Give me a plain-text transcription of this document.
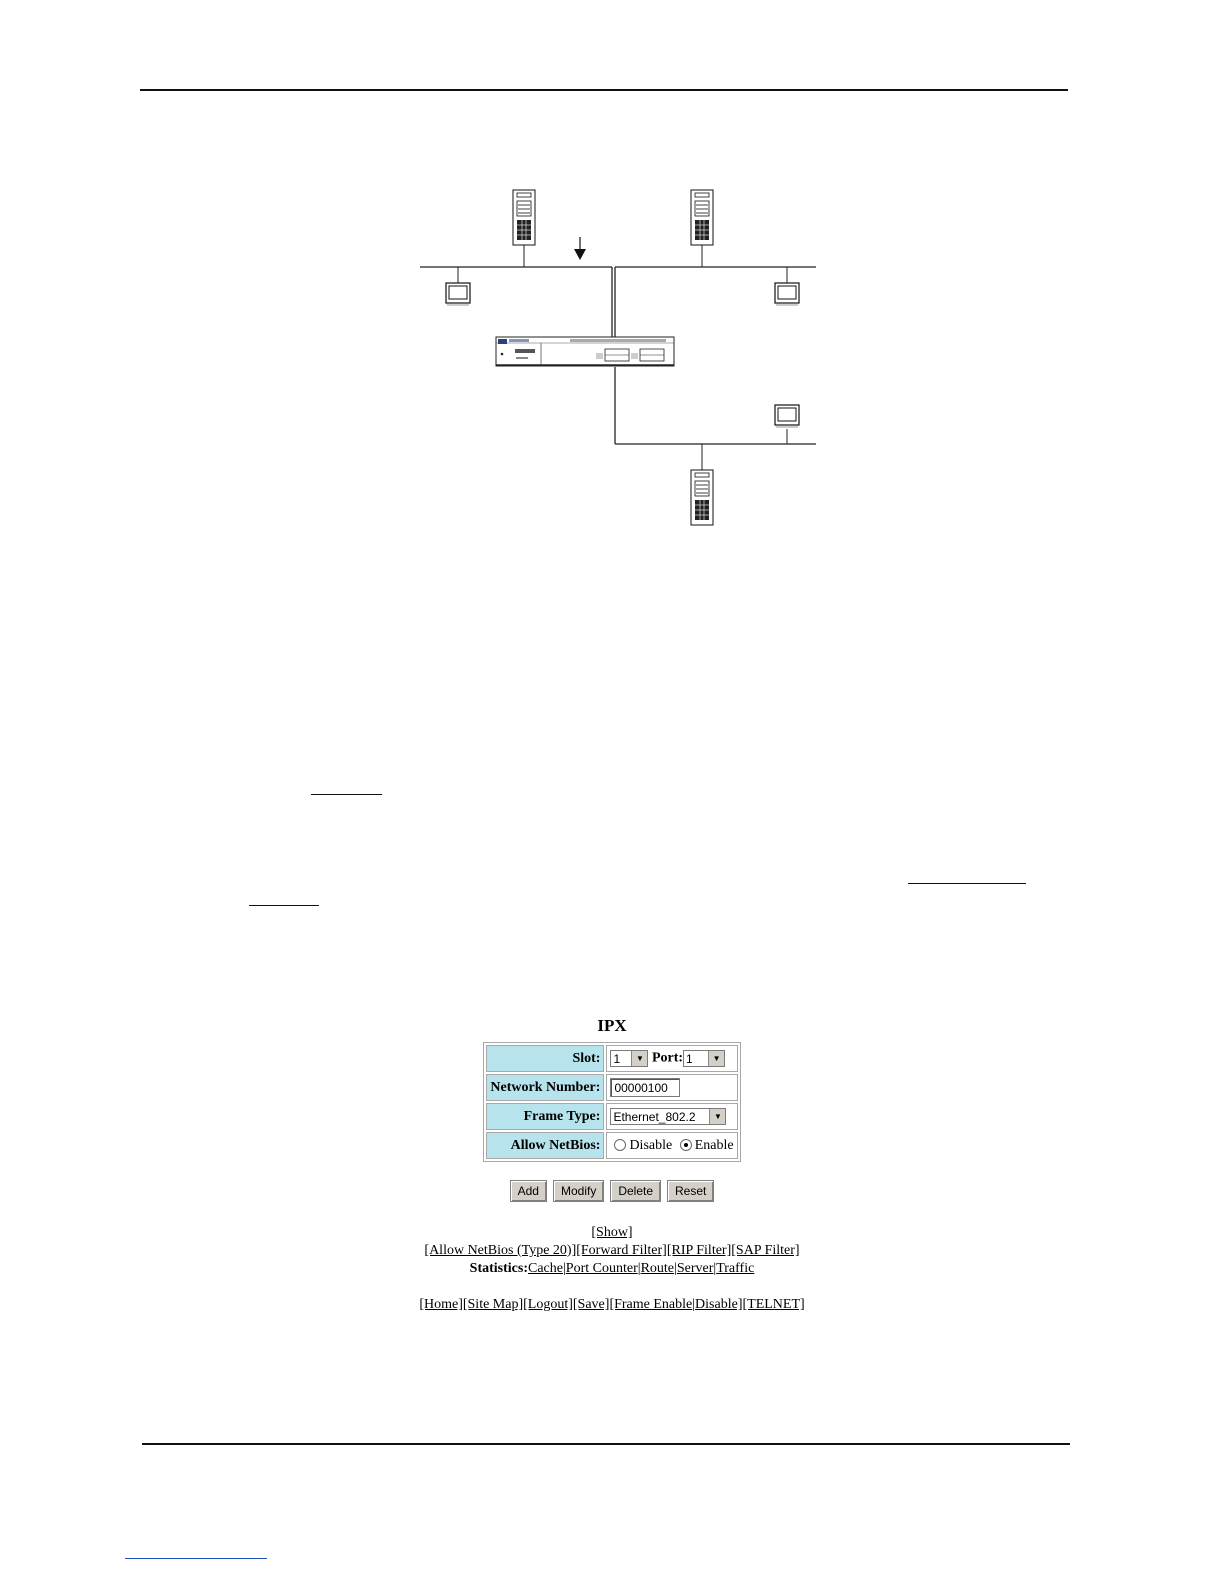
IPX
Slot:	1 ▼ Port: 1 ▼

Network Number:	00000100
Frame Type:	Ethernet_802.2 ▼

Allow NetBios:	Disable Enable
Add Modify Delete Reset
[Show]
[Allow NetBios (Type 20)][Forward Filter][RIP Filter][SAP Filter]
Statistics:Cache|Port Counter|Route|Server|Traffic
[Home][Site Map][Logout][Save][Frame Enable|Disable][TELNET]
